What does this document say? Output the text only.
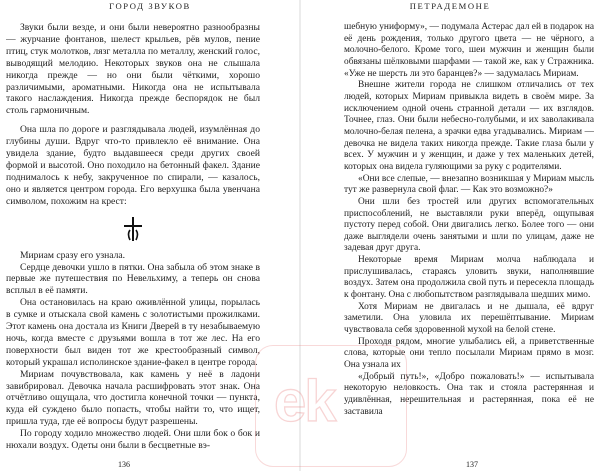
ГОРОД ЗВУКОВ

Звуки были везде, и они были невероятно разнообразны — журчание фонтанов, шелест крыльев, рёв мулов, пение птиц, стук молотков, лязг металла по металлу, женский голос, выводящий мелодию. Некоторых звуков она не слышала никогда прежде — но они были чёткими, хорошо различимыми, ароматными. Никогда она не испытывала такого наслаждения. Никогда прежде беспорядок не был столь гармоничным.

Она шла по дороге и разглядывала людей, изумлённая до глубины души. Вдруг что-то привлекло её внимание. Она увидела здание, будто выдавшееся среди других своей формой и высотой. Оно походило на бетонный факел. Здание поднималось к небу, закрученное по спирали, — казалось, оно и является центром города. Его верхушка была увенчана символом, похожим на крест:

Мириам сразу его узнала.

Сердце девочки ушло в пятки. Она забыла об этом знаке в первые же путешествия по Невельхиму, а теперь он снова всплыл в её памяти.

Она остановилась на краю оживлённой улицы, порылась в сумке и отыскала свой камень с золотистыми прожилками. Этот камень она достала из Книги Дверей в ту незабываемую ночь, когда вместе с друзьями вошла в тот же лес. На его поверхности был виден тот же крестообразный символ, который украшал исполинское здание-факел в центре города.

Мириам почувствовала, как камень у неё в ладони завибрировал. Девочка начала расшифровать этот знак. Она отчётливо ощущала, что достигла конечной точки — пункта, куда ей суждено было попасть, чтобы найти то, что ищет, пришла туда, где её вопросы будут разрешены.

По городу ходило множество людей. Они шли бок о бок и нюхали воздух. Одеты они были в бесцветные вэ-

136
ПЕТРАДЕМОНЕ

шебную униформу», — подумала Астерас дал ей в подарок на её день рождения, только другого цвета — не чёрного, а молочно-белого. Кроме того, шеи мужчин и женщин были обвязаны шёлковыми шарфами — такой же, как у Стражника. «Уже не шерсть ли это баранцев?» — задумалась Мириам.

Внешне жители города не слишком отличались от тех людей, которых Мириам привыкла видеть в своём мире. За исключением одной очень странной детали — их взглядов. Точнее, глаз. Они были небесно-голубыми, и их заволакивала молочно-белая пелена, а зрачки едва угадывались. Мириам — девочка не видела таких никогда прежде. Такие глаза были у всех. У мужчин и у женщин, и даже у тех маленьких детей, которых она видела гуляющими за руку с родителями.

«Они все слепые, — внезапно возникшая у Мириам мысль тут же развернула свой флаг. — Как это возможно?»

Они шли без тростей или других вспомогательных приспособлений, не выставляли руки вперёд, ощупывая пустоту перед собой. Они двигались легко. Более того — они даже выглядели очень занятыми и шли по улицам, даже не задевая друг друга.

Некоторые время Мириам молча наблюдала и прислушивалась, стараясь уловить звуки, наполнявшие воздух. Затем она продолжила свой путь и пересекла площадь к фонтану. Она с любопытством разглядывала шедших мимо.

Хотя Мириам не двигалась и не дышала, её вдруг заметили. Она уловила их перешёптывание. Мириам чувствовала себя здоровенной мухой на белой стене.

Проходя рядом, многие улыбались ей, а приветственные слова, которые они тепло посылали Мириам прямо в мозг. Она узнала их

«Добрый путь!», «Добро пожаловать!» — испытывала некоторую неловкость. Она так и стояла растерянная и удивлённая, нерешительная и растерянная, пока её не заставила

137
ek
